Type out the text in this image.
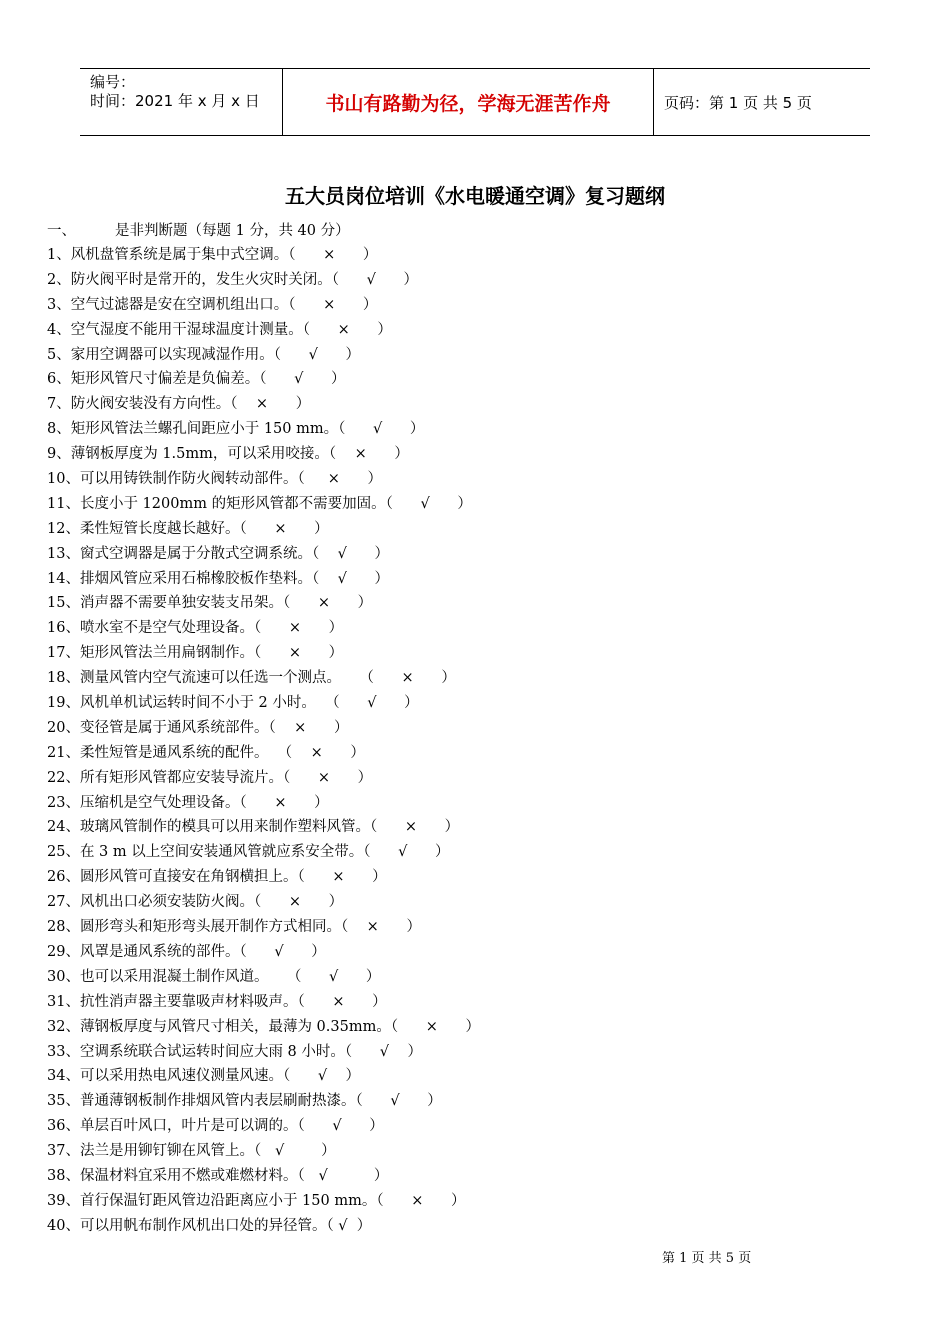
编号：
时间：2021 年 x 月 x 日	书山有路勤为径，学海无涯苦作舟	页码：第 1 页 共 5 页
五大员岗位培训《水电暖通空调》复习题纲
一、	是非判断题（每题 1 分，共 40 分）
1、风机盘管系统是属于集中式空调。（      ×      ）
2、防火阀平时是常开的，发生火灾时关闭。（      √      ）
3、空气过滤器是安在空调机组出口。（      ×      ）
4、空气湿度不能用干湿球温度计测量。（      ×      ）
5、家用空调器可以实现减湿作用。（      √      ）
6、矩形风管尺寸偏差是负偏差。（      √      ）
7、防火阀安装没有方向性。（    ×      ）
8、矩形风管法兰螺孔间距应小于 150 mm。（      √      ）
9、薄钢板厚度为 1.5mm，可以采用咬接。（    ×      ）
10、可以用铸铁制作防火阀转动部件。（     ×      ）
11、长度小于 1200mm 的矩形风管都不需要加固。（      √      ）
12、柔性短管长度越长越好。（      ×      ）
13、窗式空调器是属于分散式空调系统。（    √      ）
14、排烟风管应采用石棉橡胶板作垫料。（    √      ）
15、消声器不需要单独安装支吊架。（      ×      ）
16、喷水室不是空气处理设备。（      ×      ）
17、矩形风管法兰用扁钢制作。（      ×      ）
18、测量风管内空气流速可以任选一个测点。    （      ×      ）
19、风机单机试运转时间不小于 2 小时。  （      √      ）
20、变径管是属于通风系统部件。（    ×      ）
21、柔性短管是通风系统的配件。  （    ×      ）
22、所有矩形风管都应安装导流片。（      ×      ）
23、压缩机是空气处理设备。（      ×      ）
24、玻璃风管制作的模具可以用来制作塑料风管。（      ×      ）
25、在 3 m 以上空间安装通风管就应系安全带。（      √      ）
26、圆形风管可直接安在角钢横担上。（      ×      ）
27、风机出口必须安装防火阀。（      ×      ）
28、圆形弯头和矩形弯头展开制作方式相同。（    ×      ）
29、风罩是通风系统的部件。（      √      ）
30、也可以采用混凝土制作风道。    （      √      ）
31、抗性消声器主要靠吸声材料吸声。（      ×      ）
32、薄钢板厚度与风管尺寸相关，最薄为 0.35mm。（      ×      ）
33、空调系统联合试运转时间应大雨 8 小时。（      √    ）
34、可以采用热电风速仪测量风速。（      √    ）
35、普通薄钢板制作排烟风管内表层刷耐热漆。（      √      ）
36、单层百叶风口，叶片是可以调的。（      √      ）
37、法兰是用铆钉铆在风管上。（   √        ）
38、保温材料宜采用不燃或难燃材料。（   √          ）
39、首行保温钉距风管边沿距离应小于 150 mm。（      ×      ）
40、可以用帆布制作风机出口处的异径管。（ √  ）
第 1 页 共 5 页
